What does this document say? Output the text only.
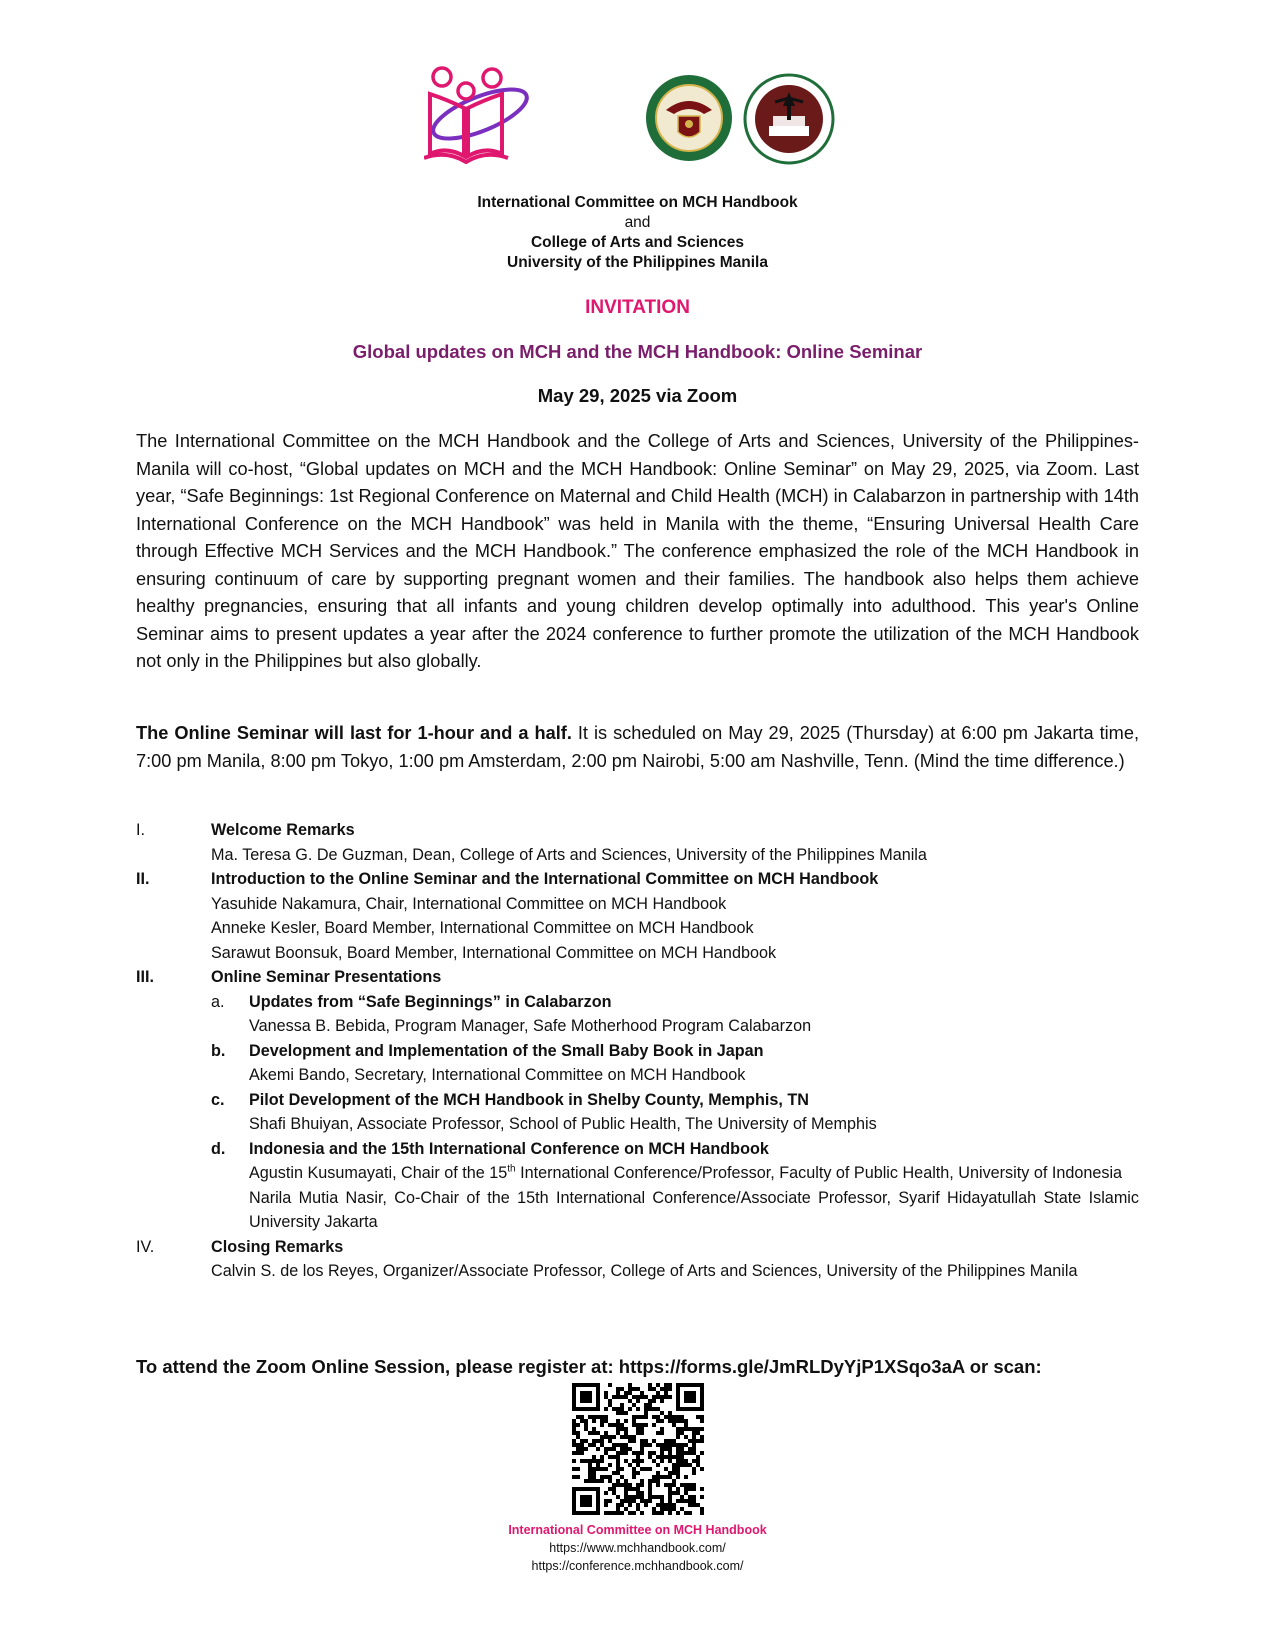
International Committee on MCH Handbook
and
College of Arts and Sciences
University of the Philippines Manila
INVITATION
Global updates on MCH and the MCH Handbook: Online Seminar
May 29, 2025 via Zoom
The International Committee on the MCH Handbook and the College of Arts and Sciences, University of the Philippines-Manila will co-host, “Global updates on MCH and the MCH Handbook: Online Seminar” on May 29, 2025, via Zoom. Last year, “Safe Beginnings: 1st Regional Conference on Maternal and Child Health (MCH) in Calabarzon in partnership with 14th International Conference on the MCH Handbook” was held in Manila with the theme, “Ensuring Universal Health Care through Effective MCH Services and the MCH Handbook.” The conference emphasized the role of the MCH Handbook in ensuring continuum of care by supporting pregnant women and their families. The handbook also helps them achieve healthy pregnancies, ensuring that all infants and young children develop optimally into adulthood. This year's Online Seminar aims to present updates a year after the 2024 conference to further promote the utilization of the MCH Handbook not only in the Philippines but also globally.
The Online Seminar will last for 1-hour and a half. It is scheduled on May 29, 2025 (Thursday) at 6:00 pm Jakarta time, 7:00 pm Manila, 8:00 pm Tokyo, 1:00 pm Amsterdam, 2:00 pm Nairobi, 5:00 am Nashville, Tenn. (Mind the time difference.)
I.	Welcome Remarks
Ma. Teresa G. De Guzman, Dean, College of Arts and Sciences, University of the Philippines Manila
II.	Introduction to the Online Seminar and the International Committee on MCH Handbook
Yasuhide Nakamura, Chair, International Committee on MCH Handbook
Anneke Kesler, Board Member, International Committee on MCH Handbook
Sarawut Boonsuk, Board Member, International Committee on MCH Handbook
III.	Online Seminar Presentations
a. Updates from “Safe Beginnings” in Calabarzon
Vanessa B. Bebida, Program Manager, Safe Motherhood Program Calabarzon
b. Development and Implementation of the Small Baby Book in Japan
Akemi Bando, Secretary, International Committee on MCH Handbook
c. Pilot Development of the MCH Handbook in Shelby County, Memphis, TN
Shafi Bhuiyan, Associate Professor, School of Public Health, The University of Memphis
d. Indonesia and the 15th International Conference on MCH Handbook
Agustin Kusumayati, Chair of the 15th International Conference/Professor, Faculty of Public Health, University of Indonesia
Narila Mutia Nasir, Co-Chair of the 15th International Conference/Associate Professor, Syarif Hidayatullah State Islamic University Jakarta
IV.	Closing Remarks
Calvin S. de los Reyes, Organizer/Associate Professor, College of Arts and Sciences, University of the Philippines Manila
To attend the Zoom Online Session, please register at: https://forms.gle/JmRLDyYjP1XSqo3aA or scan:
International Committee on MCH Handbook
https://www.mchhandbook.com/
https://conference.mchhandbook.com/
